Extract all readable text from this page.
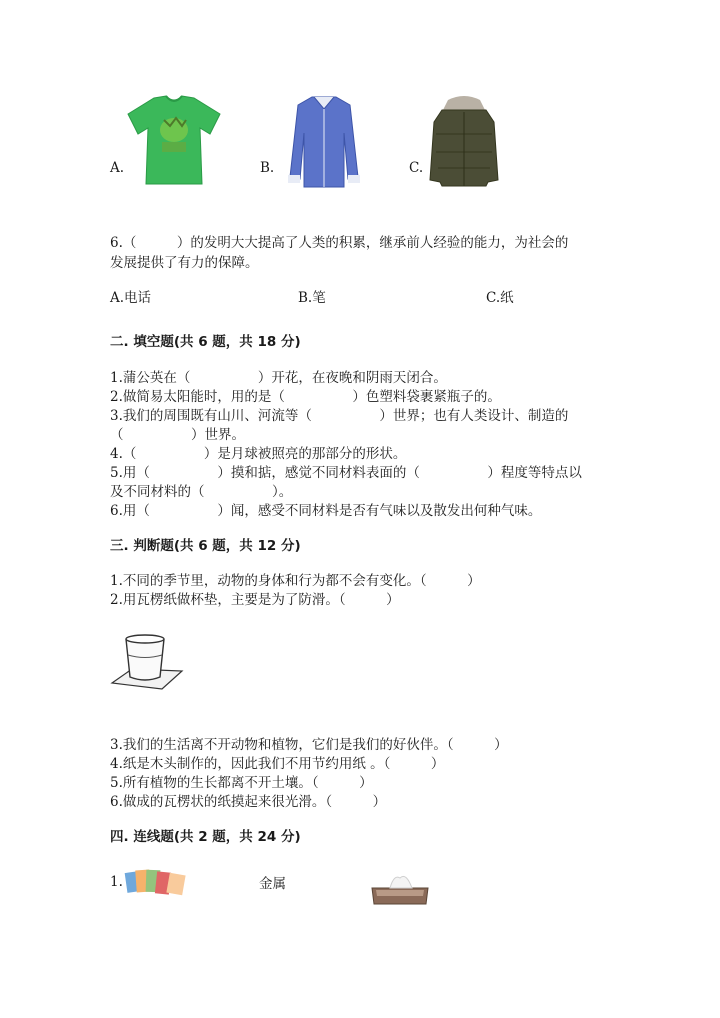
A.	B.	C.
6.（　　　）的发明大大提高了人类的积累，继承前人经验的能力，为社会的
发展提供了有力的保障。
A.电话	B.笔	C.纸
二. 填空题(共 6 题，共 18 分)
1.蒲公英在（　　　　　）开花，在夜晚和阴雨天闭合。
2.做简易太阳能时，用的是（　　　　　）色塑料袋裹紧瓶子的。
3.我们的周围既有山川、河流等（　　　　　）世界；也有人类设计、制造的
（　　　　　）世界。
4.（　　　　　）是月球被照亮的那部分的形状。
5.用（　　　　　）摸和掂，感觉不同材料表面的（　　　　　）程度等特点以
及不同材料的（　　　　　）。
6.用（　　　　　）闻，感受不同材料是否有气味以及散发出何种气味。
三. 判断题(共 6 题，共 12 分)
1.不同的季节里，动物的身体和行为都不会有变化。（　　　）
2.用瓦楞纸做杯垫，主要是为了防滑。（　　　）
3.我们的生活离不开动物和植物，它们是我们的好伙伴。（　　　）
4.纸是木头制作的，因此我们不用节约用纸 。（　　　）
5.所有植物的生长都离不开土壤。（　　　）
6.做成的瓦楞状的纸摸起来很光滑。（　　　）
四. 连线题(共 2 题，共 24 分)
1.	金属
